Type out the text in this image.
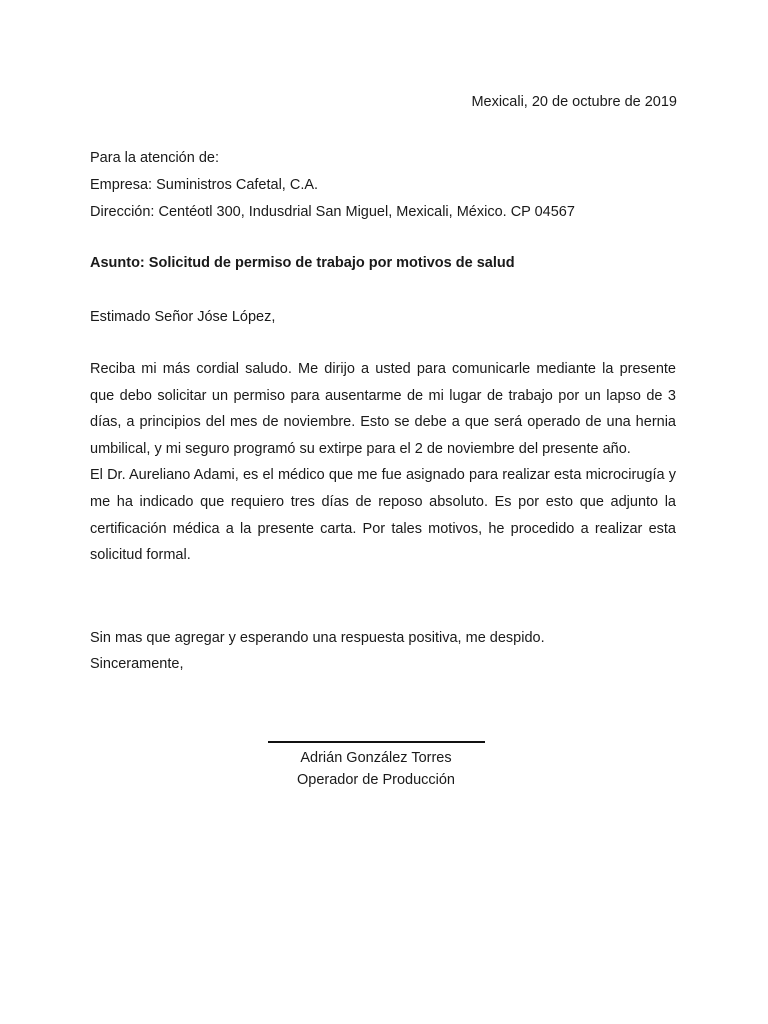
Mexicali, 20 de octubre de 2019
Para la atención de:
Empresa: Suministros Cafetal, C.A.
Dirección: Centéotl 300, Indusdrial San Miguel, Mexicali, México. CP 04567
Asunto: Solicitud de permiso de trabajo por motivos de salud
Estimado Señor Jóse López,

Reciba mi más cordial saludo. Me dirijo a usted para comunicarle mediante la presente que debo solicitar un permiso para ausentarme de mi lugar de trabajo por un lapso de 3 días, a principios del mes de noviembre. Esto se debe a que será operado de una hernia umbilical, y mi seguro programó su extirpe para el 2 de noviembre del presente año.

El Dr. Aureliano Adami, es el médico que me fue asignado para realizar esta microcirugía y me ha indicado que requiero tres días de reposo absoluto. Es por esto que adjunto la certificación médica a la presente carta. Por tales motivos, he procedido a realizar esta solicitud formal.

Sin mas que agregar y esperando una respuesta positiva, me despido.
Sinceramente,
Adrián González Torres
Operador de Producción
